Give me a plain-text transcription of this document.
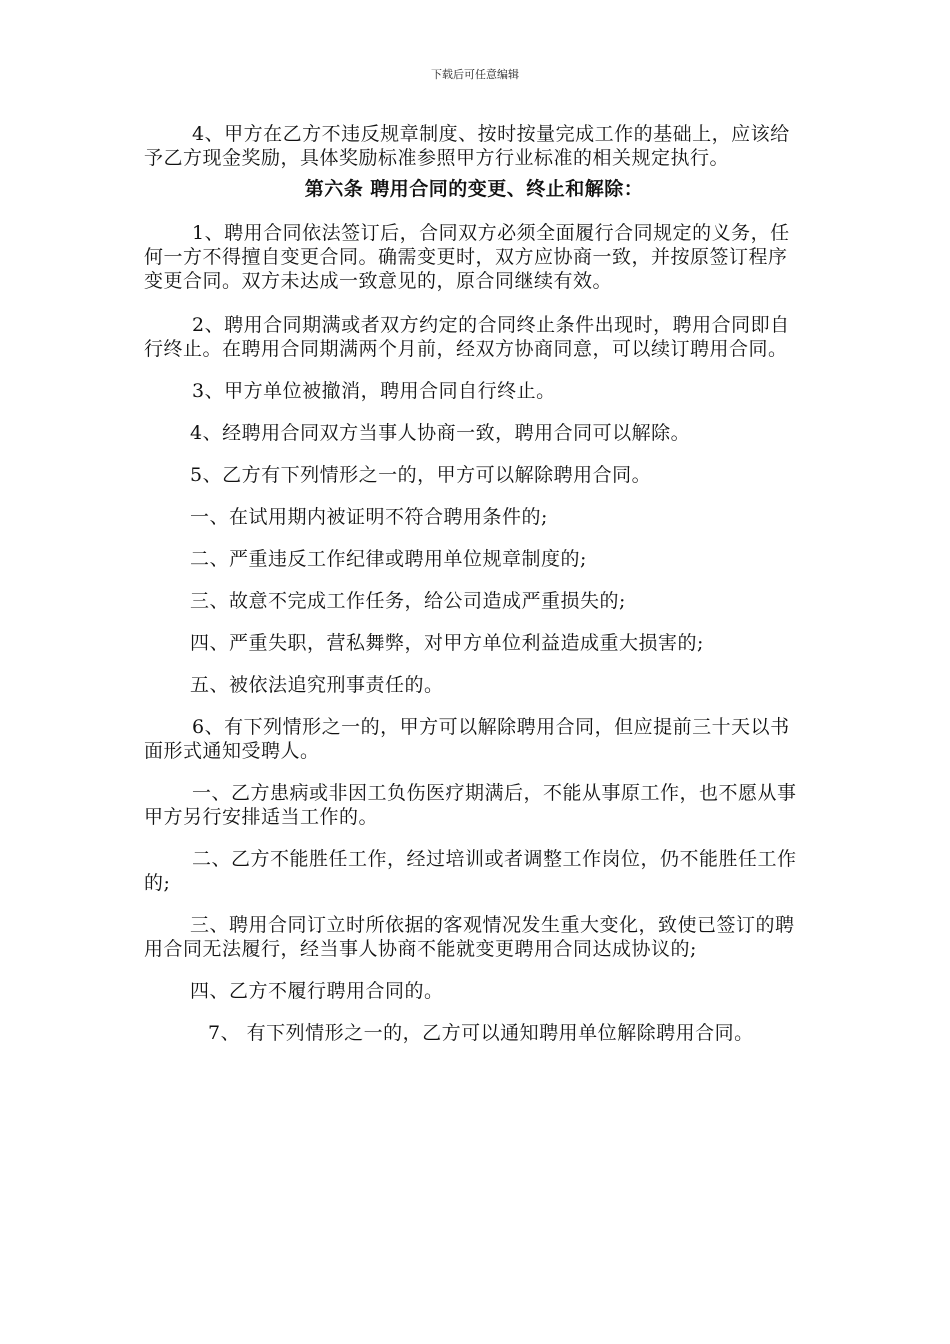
下载后可任意编辑

4、甲方在乙方不违反规章制度、按时按量完成工作的基础上，应该给予乙方现金奖励，具体奖励标准参照甲方行业标准的相关规定执行。

第六条 聘用合同的变更、终止和解除：

1、聘用合同依法签订后，合同双方必须全面履行合同规定的义务，任何一方不得擅自变更合同。确需变更时，双方应协商一致，并按原签订程序变更合同。双方未达成一致意见的，原合同继续有效。

2、聘用合同期满或者双方约定的合同终止条件出现时，聘用合同即自行终止。在聘用合同期满两个月前，经双方协商同意，可以续订聘用合同。

3、甲方单位被撤消，聘用合同自行终止。

4、经聘用合同双方当事人协商一致，聘用合同可以解除。

5、乙方有下列情形之一的，甲方可以解除聘用合同。

一、在试用期内被证明不符合聘用条件的;

二、严重违反工作纪律或聘用单位规章制度的;

三、故意不完成工作任务，给公司造成严重损失的;

四、严重失职，营私舞弊，对甲方单位利益造成重大损害的;

五、被依法追究刑事责任的。

6、有下列情形之一的，甲方可以解除聘用合同，但应提前三十天以书面形式通知受聘人。

一、乙方患病或非因工负伤医疗期满后，不能从事原工作，也不愿从事甲方另行安排适当工作的。

二、乙方不能胜任工作，经过培训或者调整工作岗位，仍不能胜任工作的;

三、聘用合同订立时所依据的客观情况发生重大变化，致使已签订的聘用合同无法履行，经当事人协商不能就变更聘用合同达成协议的;

四、乙方不履行聘用合同的。

7、 有下列情形之一的，乙方可以通知聘用单位解除聘用合同。
